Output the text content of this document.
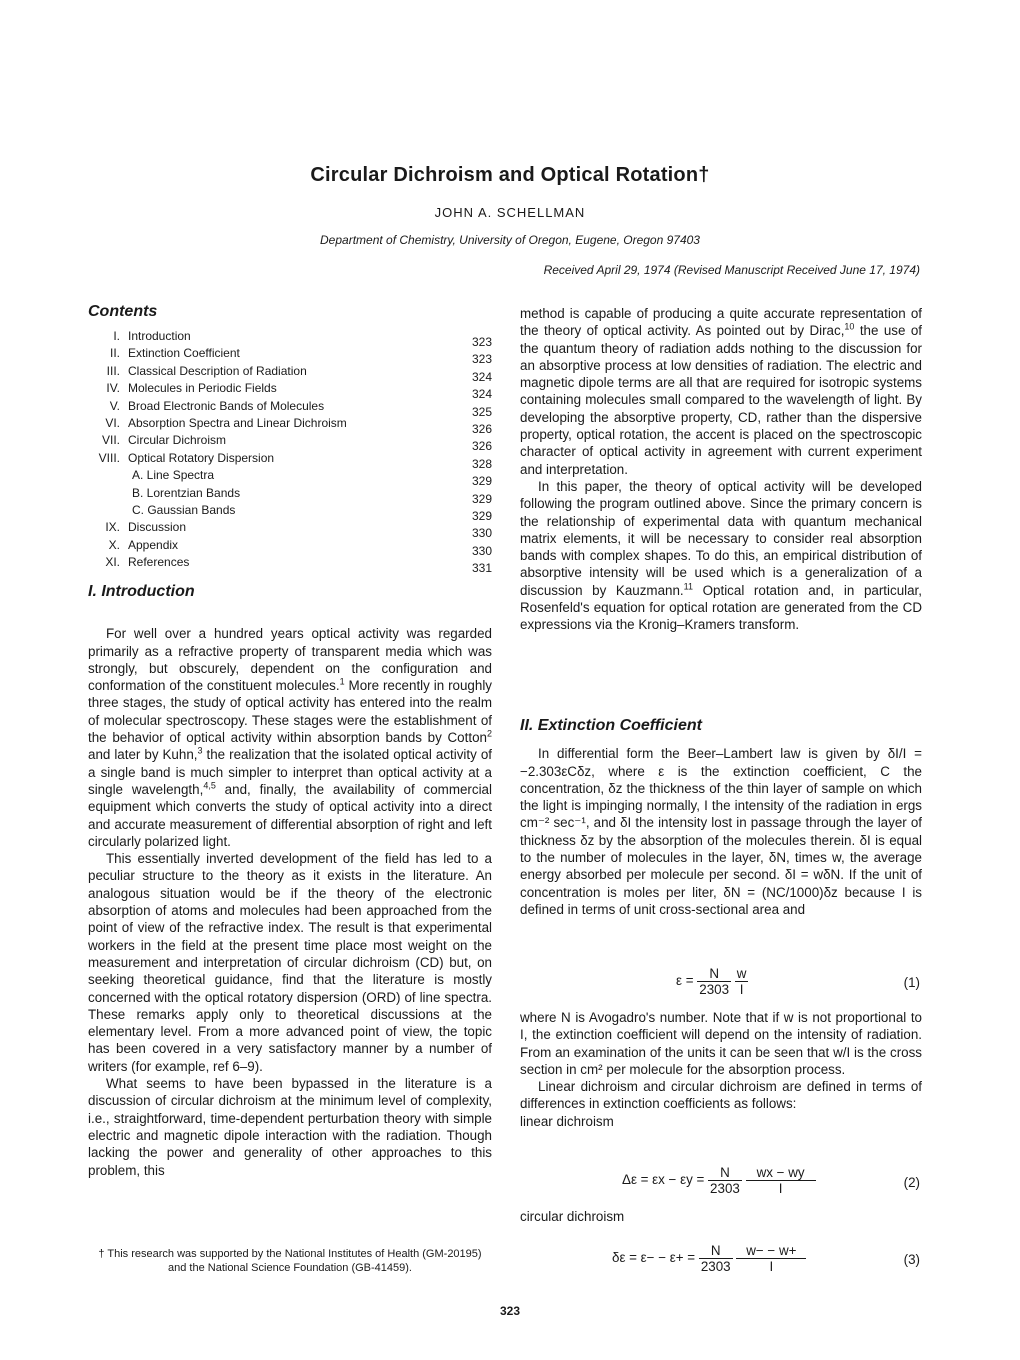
Circular Dichroism and Optical Rotation†
JOHN A. SCHELLMAN
Department of Chemistry, University of Oregon, Eugene, Oregon 97403
Received April 29, 1974 (Revised Manuscript Received June 17, 1974)
Contents
I. Introduction	323
II. Extinction Coefficient	323
III. Classical Description of Radiation	324
IV. Molecules in Periodic Fields	324
V. Broad Electronic Bands of Molecules	325
VI. Absorption Spectra and Linear Dichroism	326
VII. Circular Dichroism	326
VIII. Optical Rotatory Dispersion	328
A. Line Spectra	329
B. Lorentzian Bands	329
C. Gaussian Bands	329
IX. Discussion	330
X. Appendix	330
XI. References	331
I. Introduction

For well over a hundred years optical activity was regarded primarily as a refractive property of transparent media which was strongly, but obscurely, dependent on the configuration and conformation of the constituent molecules.$^1$ More recently in roughly three stages, the study of optical activity has entered into the realm of molecular spectroscopy. These stages were the establishment of the behavior of optical activity within absorption bands by Cotton$^2$ and later by Kuhn,$^3$ the realization that the isolated optical activity of a single band is much simpler to interpret than optical activity at a single wavelength,$^{4,5}$ and, finally, the availability of commercial equipment which converts the study of optical activity into a direct and accurate measurement of differential absorption of right and left circularly polarized light.

This essentially inverted development of the field has led to a peculiar structure to the theory as it exists in the literature. An analogous situation would be if the theory of the electronic absorption of atoms and molecules had been approached from the point of view of the refractive index. The result is that experimental workers in the field at the present time place most weight on the measurement and interpretation of circular dichroism (CD) but, on seeking theoretical guidance, find that the literature is mostly concerned with the optical rotatory dispersion (ORD) of line spectra. These remarks apply only to theoretical discussions at the elementary level. From a more advanced point of view, the topic has been covered in a very satisfactory manner by a number of writers (for example, ref 6–9).

What seems to have been bypassed in the literature is a discussion of circular dichroism at the minimum level of complexity, i.e., straightforward, time-dependent perturbation theory with simple electric and magnetic dipole interaction with the radiation. Though lacking the power and generality of other approaches to this problem, this

† This research was supported by the National Institutes of Health (GM-20195) and the National Science Foundation (GB-41459).

method is capable of producing a quite accurate representation of the theory of optical activity. As pointed out by Dirac,$^{10}$ the use of the quantum theory of radiation adds nothing to the discussion for an absorptive process at low densities of radiation. The electric and magnetic dipole terms are all that are required for isotropic systems containing molecules small compared to the wavelength of light. By developing the absorptive property, CD, rather than the dispersive property, optical rotation, the accent is placed on the spectroscopic character of optical activity in agreement with current experiment and interpretation.

In this paper, the theory of optical activity will be developed following the program outlined above. Since the primary concern is the relationship of experimental data with quantum mechanical matrix elements, it will be necessary to consider real absorption bands with complex shapes. To do this, an empirical distribution of absorptive intensity will be used which is a generalization of a discussion by Kauzmann.$^{11}$ Optical rotation and, in particular, Rosenfeld's equation for optical rotation are generated from the CD expressions via the Kronig–Kramers transform.

II. Extinction Coefficient

In differential form the Beer–Lambert law is given by δI/I = −2.303εCδz, where ε is the extinction coefficient, C the concentration, δz the thickness of the thin layer of sample on which the light is impinging normally, I the intensity of the radiation in ergs cm⁻² sec⁻¹, and δI the intensity lost in passage through the layer of thickness δz by the absorption of the molecules therein. δI is equal to the number of molecules in the layer, δN, times w, the average energy absorbed per molecule per second. δI = wδN. If the unit of concentration is moles per liter, δN = (NC/1000)δz because I is defined in terms of unit cross-sectional area and

$\varepsilon = \frac{N}{2303}$
$\frac{w}{I}$	(1)

where N is Avogadro's number. Note that if w is not proportional to I, the extinction coefficient will depend on the intensity of radiation. From an examination of the units it can be seen that w/I is the cross section in cm² per molecule for the absorption process.

Linear dichroism and circular dichroism are defined in terms of differences in extinction coefficients as follows:

linear dichroism

$\Delta\varepsilon = \varepsilon x - \varepsilon y = \frac{N}{2303}$
$\frac{wx - wy}{I}$	(2)

circular dichroism

$\delta\varepsilon = \varepsilon- - \varepsilon+ = \frac{N}{2303}$
$\frac{w- - w+}{I}$	(3)
323
